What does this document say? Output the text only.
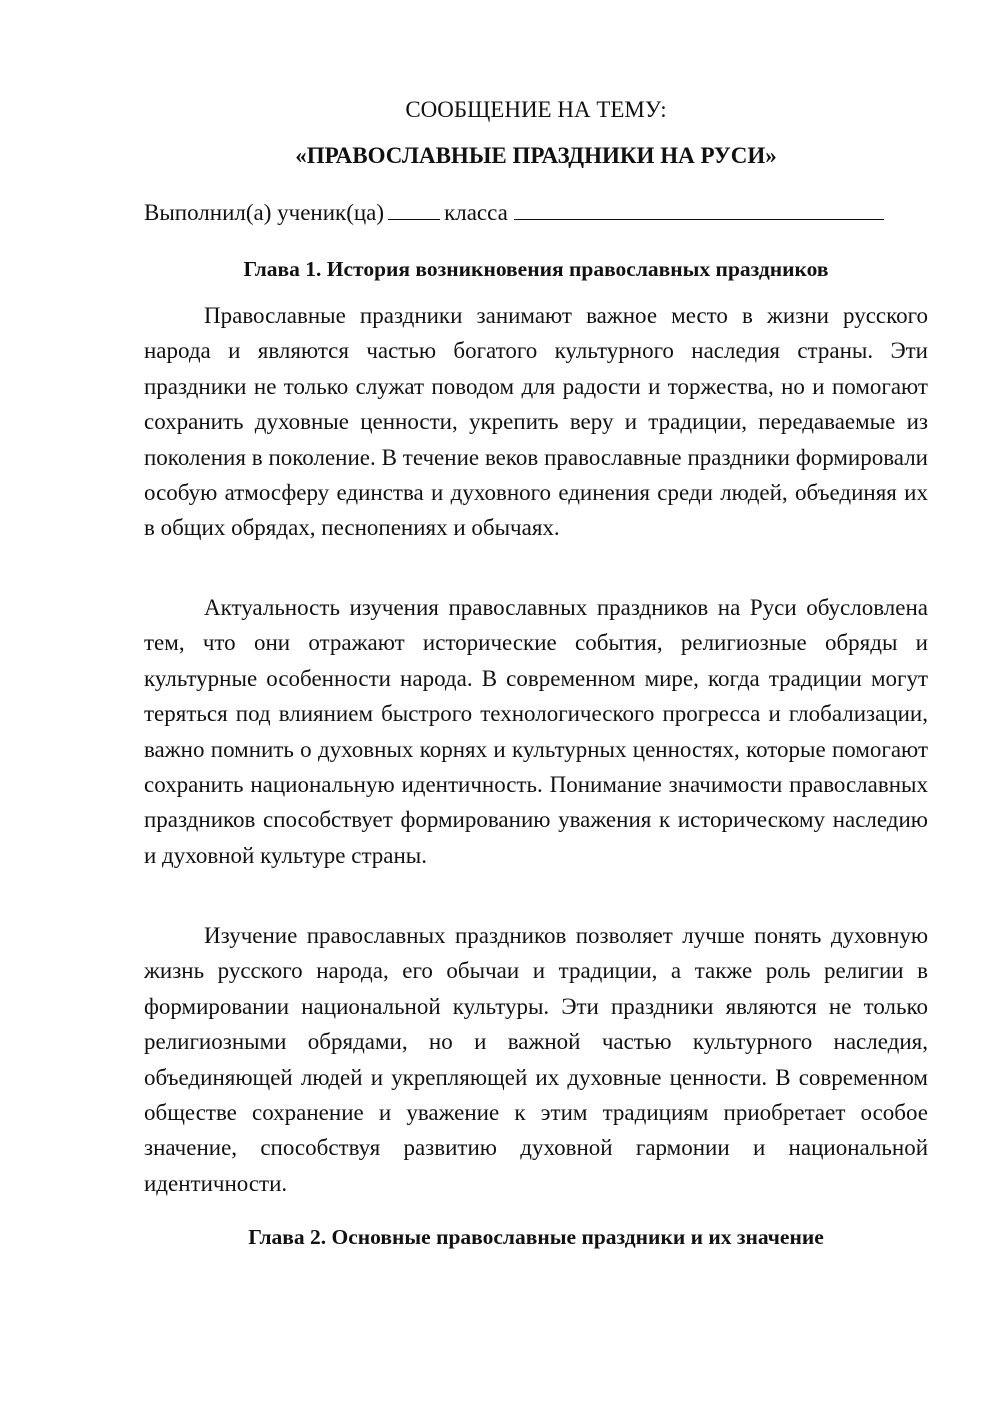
СООБЩЕНИЕ НА ТЕМУ:
«ПРАВОСЛАВНЫЕ ПРАЗДНИКИ НА РУСИ»
Выполнил(а) ученик(ца)	класса
Глава 1. История возникновения православных праздников

Православные праздники занимают важное место в жизни русского народа и являются частью богатого культурного наследия страны. Эти праздники не только служат поводом для радости и торжества, но и помогают сохранить духовные ценности, укрепить веру и традиции, передаваемые из поколения в поколение. В течение веков православные праздники формировали особую атмосферу единства и духовного единения среди людей, объединяя их в общих обрядах, песнопениях и обычаях.

Актуальность изучения православных праздников на Руси обусловлена тем, что они отражают исторические события, религиозные обряды и культурные особенности народа. В современном мире, когда традиции могут теряться под влиянием быстрого технологического прогресса и глобализации, важно помнить о духовных корнях и культурных ценностях, которые помогают сохранить национальную идентичность. Понимание значимости православных праздников способствует формированию уважения к историческому наследию и духовной культуре страны.

Изучение православных праздников позволяет лучше понять духовную жизнь русского народа, его обычаи и традиции, а также роль религии в формировании национальной культуры. Эти праздники являются не только религиозными обрядами, но и важной частью культурного наследия, объединяющей людей и укрепляющей их духовные ценности. В современном обществе сохранение и уважение к этим традициям приобретает особое значение, способствуя развитию духовной гармонии и национальной идентичности.

Глава 2. Основные православные праздники и их значение
